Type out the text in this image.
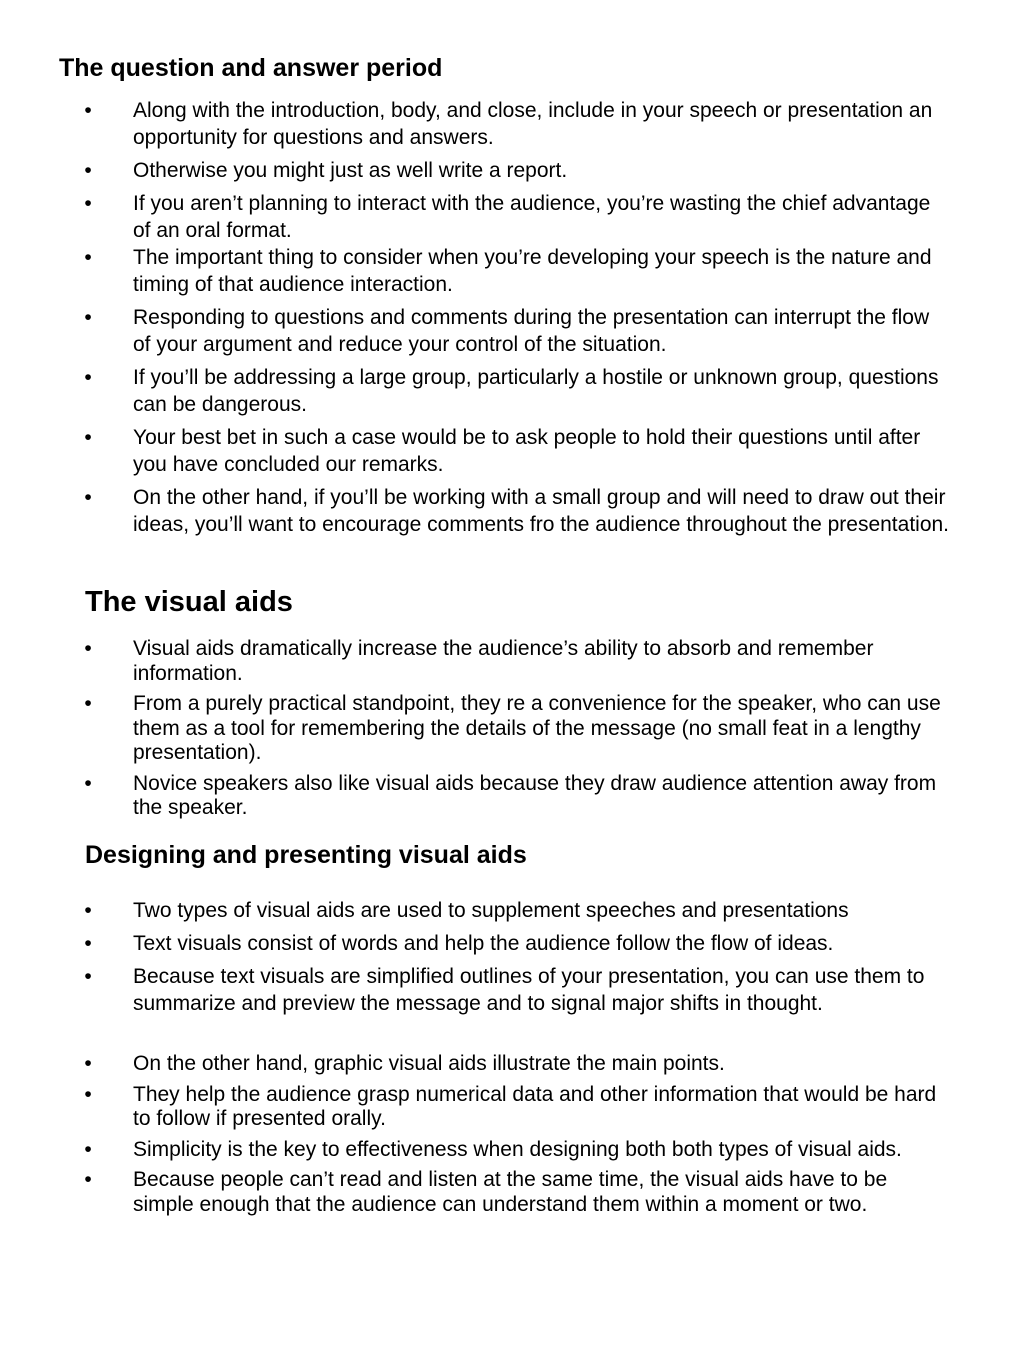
The question and answer period
• Along with the introduction, body, and close, include in your speech or presentation an opportunity for questions and answers.
• Otherwise you might just as well write a report.
• If you aren’t planning to interact with the audience, you’re wasting the chief advantage of an oral format.
• The important thing to consider when you’re developing your speech is the nature and timing of that audience interaction.
• Responding to questions and comments during the presentation can interrupt the flow of your argument and reduce your control of the situation.
• If you’ll be addressing a large group, particularly a hostile or unknown group, questions can be dangerous.
• Your best bet in such a case would be to ask people to hold their questions until after you have concluded our remarks.
• On the other hand, if you’ll be working with a small group and will need to draw out their ideas, you’ll want to encourage comments fro the audience throughout the presentation.
The visual aids
• Visual aids dramatically increase the audience’s ability to absorb and remember information.
• From a purely practical standpoint, they re a convenience for the speaker, who can use them as a tool for remembering the details of the message (no small feat in a lengthy presentation).
• Novice speakers also like visual aids because they draw audience attention away from the speaker.
Designing and presenting visual aids
• Two types of visual aids are used to supplement speeches and presentations
• Text visuals consist of words and help the audience follow the flow of ideas.
• Because text visuals are simplified outlines of your presentation, you can use them to summarize and preview the message and to signal major shifts in thought.
• On the other hand, graphic visual aids illustrate the main points.
• They help the audience grasp numerical data and other information that would be hard to follow if presented orally.
• Simplicity is the key to effectiveness when designing both both types of visual aids.
• Because people can’t read and listen at the same time, the visual aids have to be simple enough that the audience can understand them within a moment or two.
